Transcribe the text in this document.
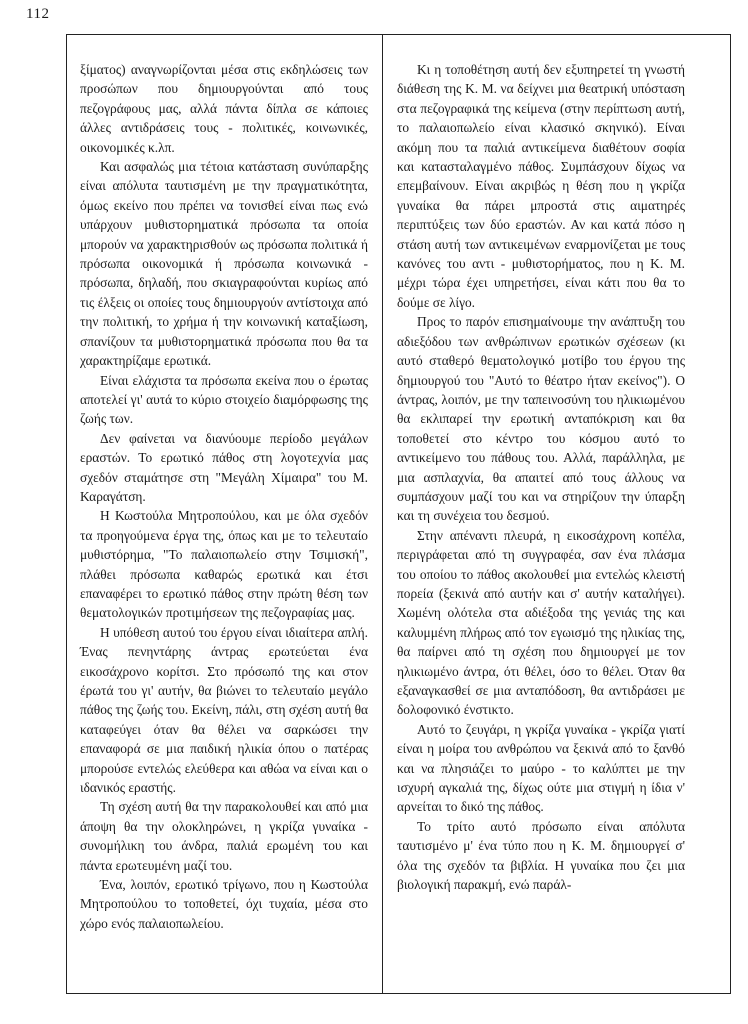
112

ξίματος) αναγνωρίζονται μέσα στις εκδηλώσεις των προσώπων που δημιουργούνται από τους πεζογράφους μας, αλλά πάντα δίπλα σε κάποιες άλλες αντιδράσεις τους - πολιτικές, κοινωνικές, οικονομικές κ.λπ.

Και ασφαλώς μια τέτοια κατάσταση συνύπαρξης είναι απόλυτα ταυτισμένη με την πραγματικότητα, όμως εκείνο που πρέπει να τονισθεί είναι πως ενώ υπάρχουν μυθιστορηματικά πρόσωπα τα οποία μπορούν να χαρακτηρισθούν ως πρόσωπα πολιτικά ή πρόσωπα οικονομικά ή πρόσωπα κοινωνικά - πρόσωπα, δηλαδή, που σκιαγραφούνται κυρίως από τις έλξεις οι οποίες τους δημιουργούν αντίστοιχα από την πολιτική, το χρήμα ή την κοινωνική καταξίωση, σπανίζουν τα μυθιστορηματικά πρόσωπα που θα τα χαρακτηρίζαμε ερωτικά.

Είναι ελάχιστα τα πρόσωπα εκείνα που ο έρωτας αποτελεί γι' αυτά το κύριο στοιχείο διαμόρφωσης της ζωής των.

Δεν φαίνεται να διανύουμε περίοδο μεγάλων εραστών. Το ερωτικό πάθος στη λογοτεχνία μας σχεδόν σταμάτησε στη "Μεγάλη Χίμαιρα" του Μ. Καραγάτση.

Η Κωστούλα Μητροπούλου, και με όλα σχεδόν τα προηγούμενα έργα της, όπως και με το τελευταίο μυθιστόρημα, "Το παλαιοπωλείο στην Τσιμισκή", πλάθει πρόσωπα καθαρώς ερωτικά και έτσι επαναφέρει το ερωτικό πάθος στην πρώτη θέση των θεματολογικών προτιμήσεων της πεζογραφίας μας.

Η υπόθεση αυτού του έργου είναι ιδιαίτερα απλή. Ένας πενηντάρης άντρας ερωτεύεται ένα εικοσάχρονο κορίτσι. Στο πρόσωπό της και στον έρωτά του γι' αυτήν, θα βιώνει το τελευταίο μεγάλο πάθος της ζωής του. Εκείνη, πάλι, στη σχέση αυτή θα καταφεύγει όταν θα θέλει να σαρκώσει την επαναφορά σε μια παιδική ηλικία όπου ο πατέρας μπορούσε εντελώς ελεύθερα και αθώα να είναι και ο ιδανικός εραστής.

Τη σχέση αυτή θα την παρακολουθεί και από μια άποψη θα την ολοκληρώνει, η γκρίζα γυναίκα - συνομήλικη του άνδρα, παλιά ερωμένη του και πάντα ερωτευμένη μαζί του.

Ένα, λοιπόν, ερωτικό τρίγωνο, που η Κωστούλα Μητροπούλου το τοποθετεί, όχι τυχαία, μέσα στο χώρο ενός παλαιοπωλείου.

Κι η τοποθέτηση αυτή δεν εξυπηρετεί τη γνωστή διάθεση της Κ. Μ. να δείχνει μια θεατρική υπόσταση στα πεζογραφικά της κείμενα (στην περίπτωση αυτή, το παλαιοπωλείο είναι κλασικό σκηνικό). Είναι ακόμη που τα παλιά αντικείμενα διαθέτουν σοφία και κατασταλαγμένο πάθος. Συμπάσχουν δίχως να επεμβαίνουν. Είναι ακριβώς η θέση που η γκρίζα γυναίκα θα πάρει μπροστά στις αιματηρές περιπτύξεις των δύο εραστών. Αν και κατά πόσο η στάση αυτή των αντικειμένων εναρμονίζεται με τους κανόνες του αντι - μυθιστορήματος, που η Κ. Μ. μέχρι τώρα έχει υπηρετήσει, είναι κάτι που θα το δούμε σε λίγο.

Προς το παρόν επισημαίνουμε την ανάπτυξη του αδιεξόδου των ανθρώπινων ερωτικών σχέσεων (κι αυτό σταθερό θεματολογικό μοτίβο του έργου της δημιουργού του "Αυτό το θέατρο ήταν εκείνος"). Ο άντρας, λοιπόν, με την ταπεινοσύνη του ηλικιωμένου θα εκλιπαρεί την ερωτική ανταπόκριση και θα τοποθετεί στο κέντρο του κόσμου αυτό το αντικείμενο του πάθους του. Αλλά, παράλληλα, με μια ασπλαχνία, θα απαιτεί από τους άλλους να συμπάσχουν μαζί του και να στηρίζουν την ύπαρξη και τη συνέχεια του δεσμού.

Στην απέναντι πλευρά, η εικοσάχρονη κοπέλα, περιγράφεται από τη συγγραφέα, σαν ένα πλάσμα του οποίου το πάθος ακολουθεί μια εντελώς κλειστή πορεία (ξεκινά από αυτήν και σ' αυτήν καταλήγει). Χωμένη ολότελα στα αδιέξοδα της γενιάς της και καλυμμένη πλήρως από τον εγωισμό της ηλικίας της, θα παίρνει από τη σχέση που δημιουργεί με τον ηλικιωμένο άντρα, ότι θέλει, όσο το θέλει. Όταν θα εξαναγκασθεί σε μια ανταπόδοση, θα αντιδράσει με δολοφονικό ένστικτο.

Αυτό το ζευγάρι, η γκρίζα γυναίκα - γκρίζα γιατί είναι η μοίρα του ανθρώπου να ξεκινά από το ξανθό και να πλησιάζει το μαύρο - το καλύπτει με την ισχυρή αγκαλιά της, δίχως ούτε μια στιγμή η ίδια ν' αρνείται το δικό της πάθος.

Το τρίτο αυτό πρόσωπο είναι απόλυτα ταυτισμένο μ' ένα τύπο που η Κ. Μ. δημιουργεί σ' όλα της σχεδόν τα βιβλία. Η γυναίκα που ζει μια βιολογική παρακμή, ενώ παράλ-
